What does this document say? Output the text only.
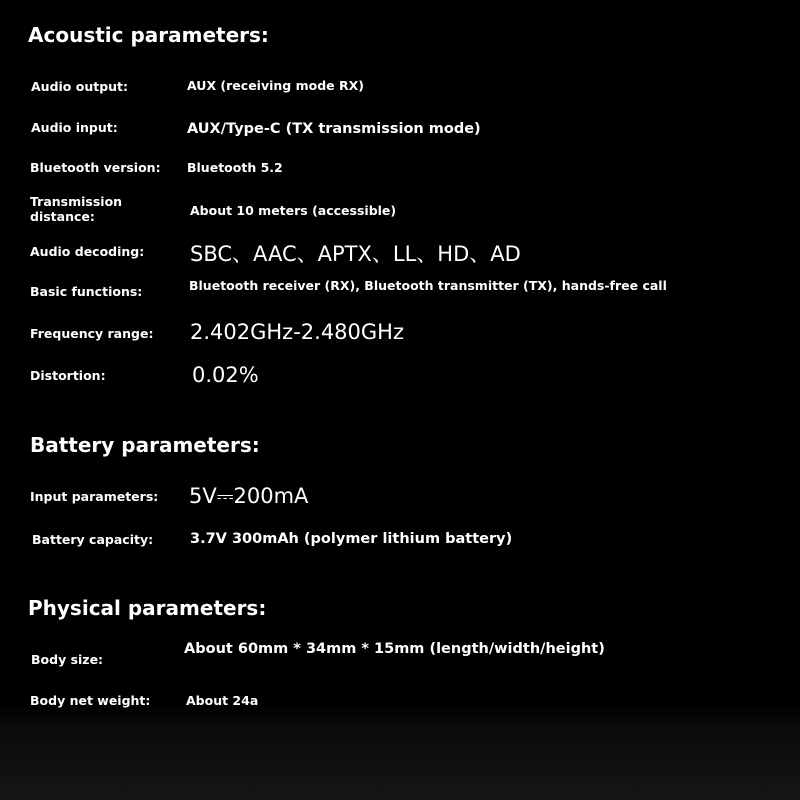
Acoustic parameters:
Audio output:	AUX (receiving mode RX)
Audio input:	AUX/Type-C (TX transmission mode)
Bluetooth version: Bluetooth 5.2
Transmission
distance:	About 10 meters (accessible)
Audio decoding: SBC、AAC、APTX、LL、HD、AD
Basic functions:	Bluetooth receiver (RX), Bluetooth transmitter (TX), hands-free call
Frequency range: 2.402GHz-2.480GHz
Distortion:	0.02%
Battery parameters:
Input parameters: 5V⎓200mA
Battery capacity:	3.7V 300mAh (polymer lithium battery)
Physical parameters:
Body size:
About 60mm * 34mm * 15mm (length/width/height)
Body net weight:	About 24a
